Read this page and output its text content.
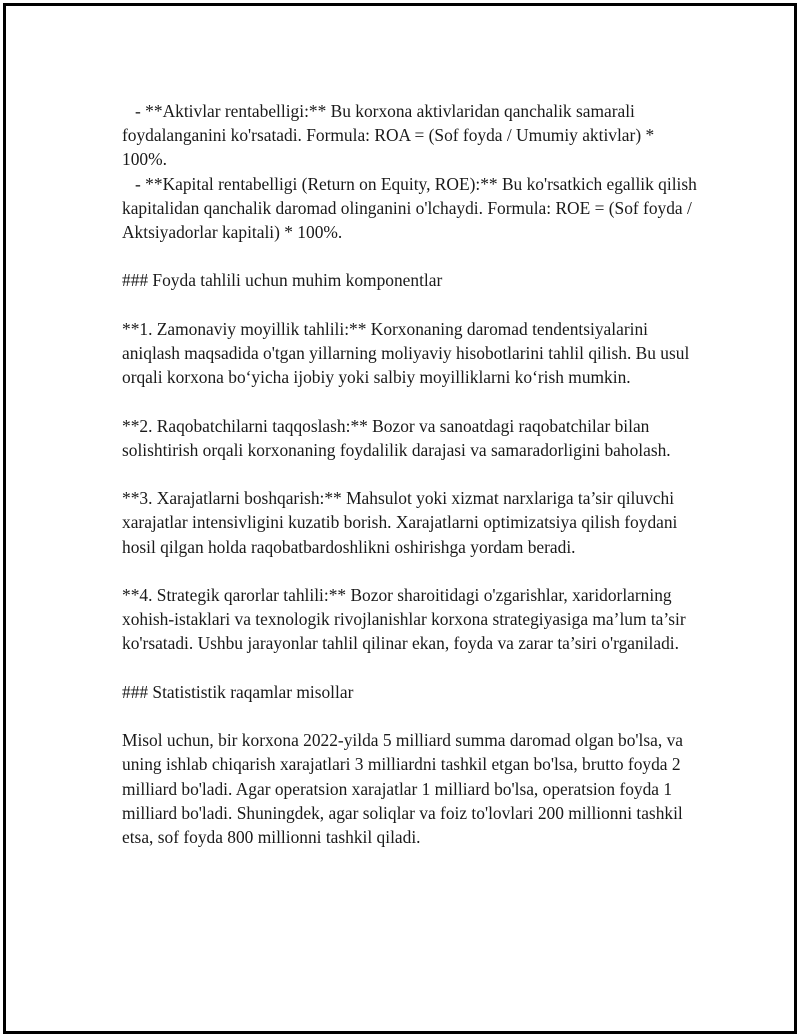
- **Aktivlar rentabelligi:** Bu korxona aktivlaridan qanchalik samarali foydalanganini ko'rsatadi. Formula: ROA = (Sof foyda / Umumiy aktivlar) * 100%.

- **Kapital rentabelligi (Return on Equity, ROE):** Bu ko'rsatkich egallik qilish kapitalidan qanchalik daromad olinganini o'lchaydi. Formula: ROE = (Sof foyda / Aktsiyadorlar kapitali) * 100%.

### Foyda tahlili uchun muhim komponentlar

**1. Zamonaviy moyillik tahlili:** Korxonaning daromad tendentsiyalarini aniqlash maqsadida o'tgan yillarning moliyaviy hisobotlarini tahlil qilish. Bu usul orqali korxona bo‘yicha ijobiy yoki salbiy moyilliklarni ko‘rish mumkin.

**2. Raqobatchilarni taqqoslash:** Bozor va sanoatdagi raqobatchilar bilan solishtirish orqali korxonaning foydalilik darajasi va samaradorligini baholash.

**3. Xarajatlarni boshqarish:** Mahsulot yoki xizmat narxlariga ta’sir qiluvchi xarajatlar intensivligini kuzatib borish. Xarajatlarni optimizatsiya qilish foydani hosil qilgan holda raqobatbardoshlikni oshirishga yordam beradi.

**4. Strategik qarorlar tahlili:** Bozor sharoitidagi o'zgarishlar, xaridorlarning xohish-istaklari va texnologik rivojlanishlar korxona strategiyasiga ma’lum ta’sir ko'rsatadi. Ushbu jarayonlar tahlil qilinar ekan, foyda va zarar ta’siri o'rganiladi.

### Statististik raqamlar misollar

Misol uchun, bir korxona 2022-yilda 5 milliard summa daromad olgan bo'lsa, va uning ishlab chiqarish xarajatlari 3 milliardni tashkil etgan bo'lsa, brutto foyda 2 milliard bo'ladi. Agar operatsion xarajatlar 1 milliard bo'lsa, operatsion foyda 1 milliard bo'ladi. Shuningdek, agar soliqlar va foiz to'lovlari 200 millionni tashkil etsa, sof foyda 800 millionni tashkil qiladi.
